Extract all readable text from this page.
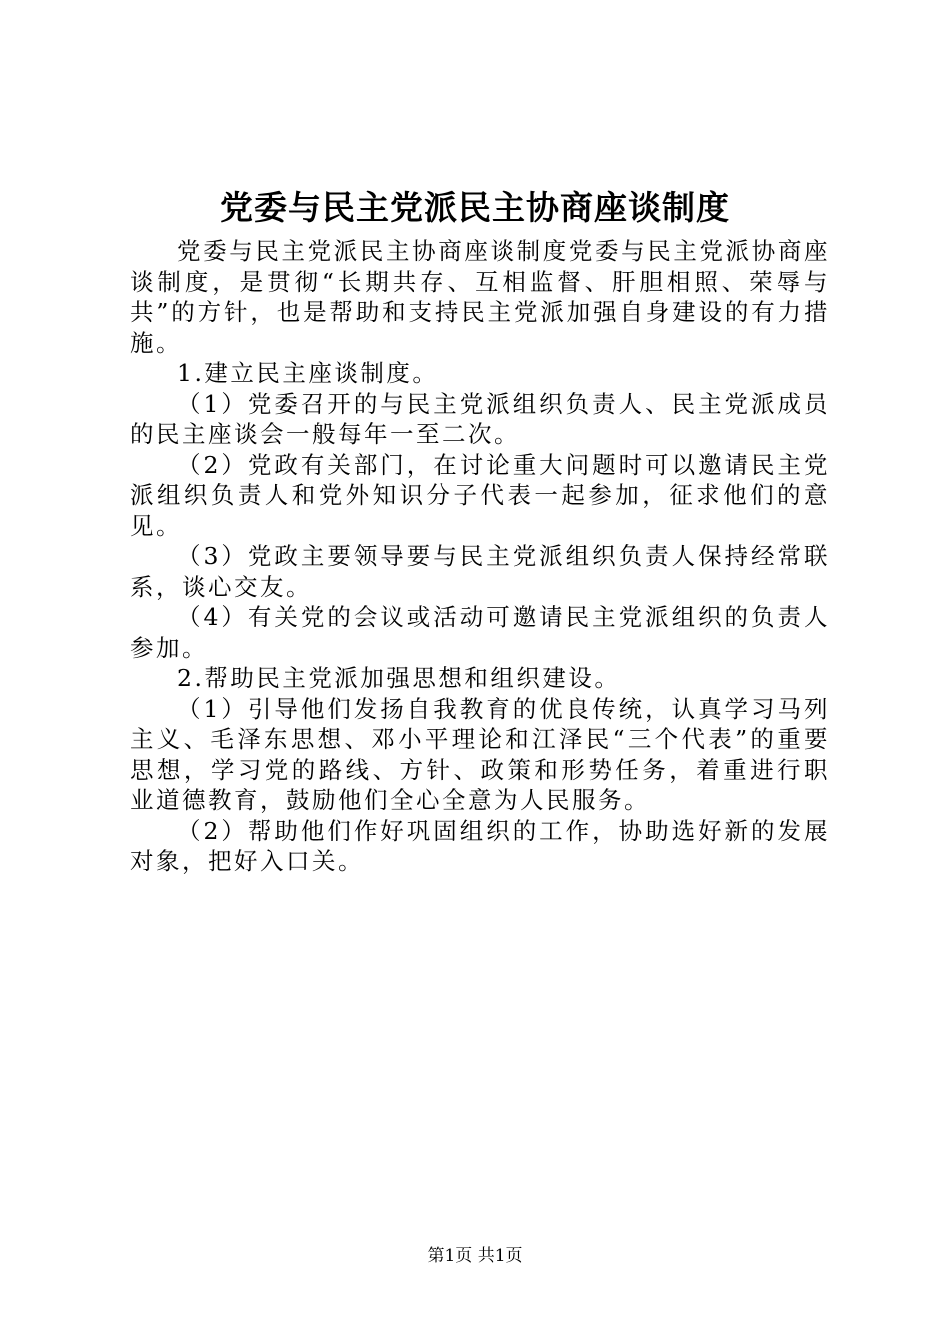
党委与民主党派民主协商座谈制度

党委与民主党派民主协商座谈制度党委与民主党派协商座谈制度，是贯彻“长期共存、互相监督、肝胆相照、荣辱与共”的方针，也是帮助和支持民主党派加强自身建设的有力措施。

1.建立民主座谈制度。

（1）党委召开的与民主党派组织负责人、民主党派成员的民主座谈会一般每年一至二次。

（2）党政有关部门，在讨论重大问题时可以邀请民主党派组织负责人和党外知识分子代表一起参加，征求他们的意见。

（3）党政主要领导要与民主党派组织负责人保持经常联系，谈心交友。

（4）有关党的会议或活动可邀请民主党派组织的负责人参加。

2.帮助民主党派加强思想和组织建设。

（1）引导他们发扬自我教育的优良传统，认真学习马列主义、毛泽东思想、邓小平理论和江泽民“三个代表”的重要思想，学习党的路线、方针、政策和形势任务，着重进行职业道德教育，鼓励他们全心全意为人民服务。

（2）帮助他们作好巩固组织的工作，协助选好新的发展对象，把好入口关。

第1页 共1页
